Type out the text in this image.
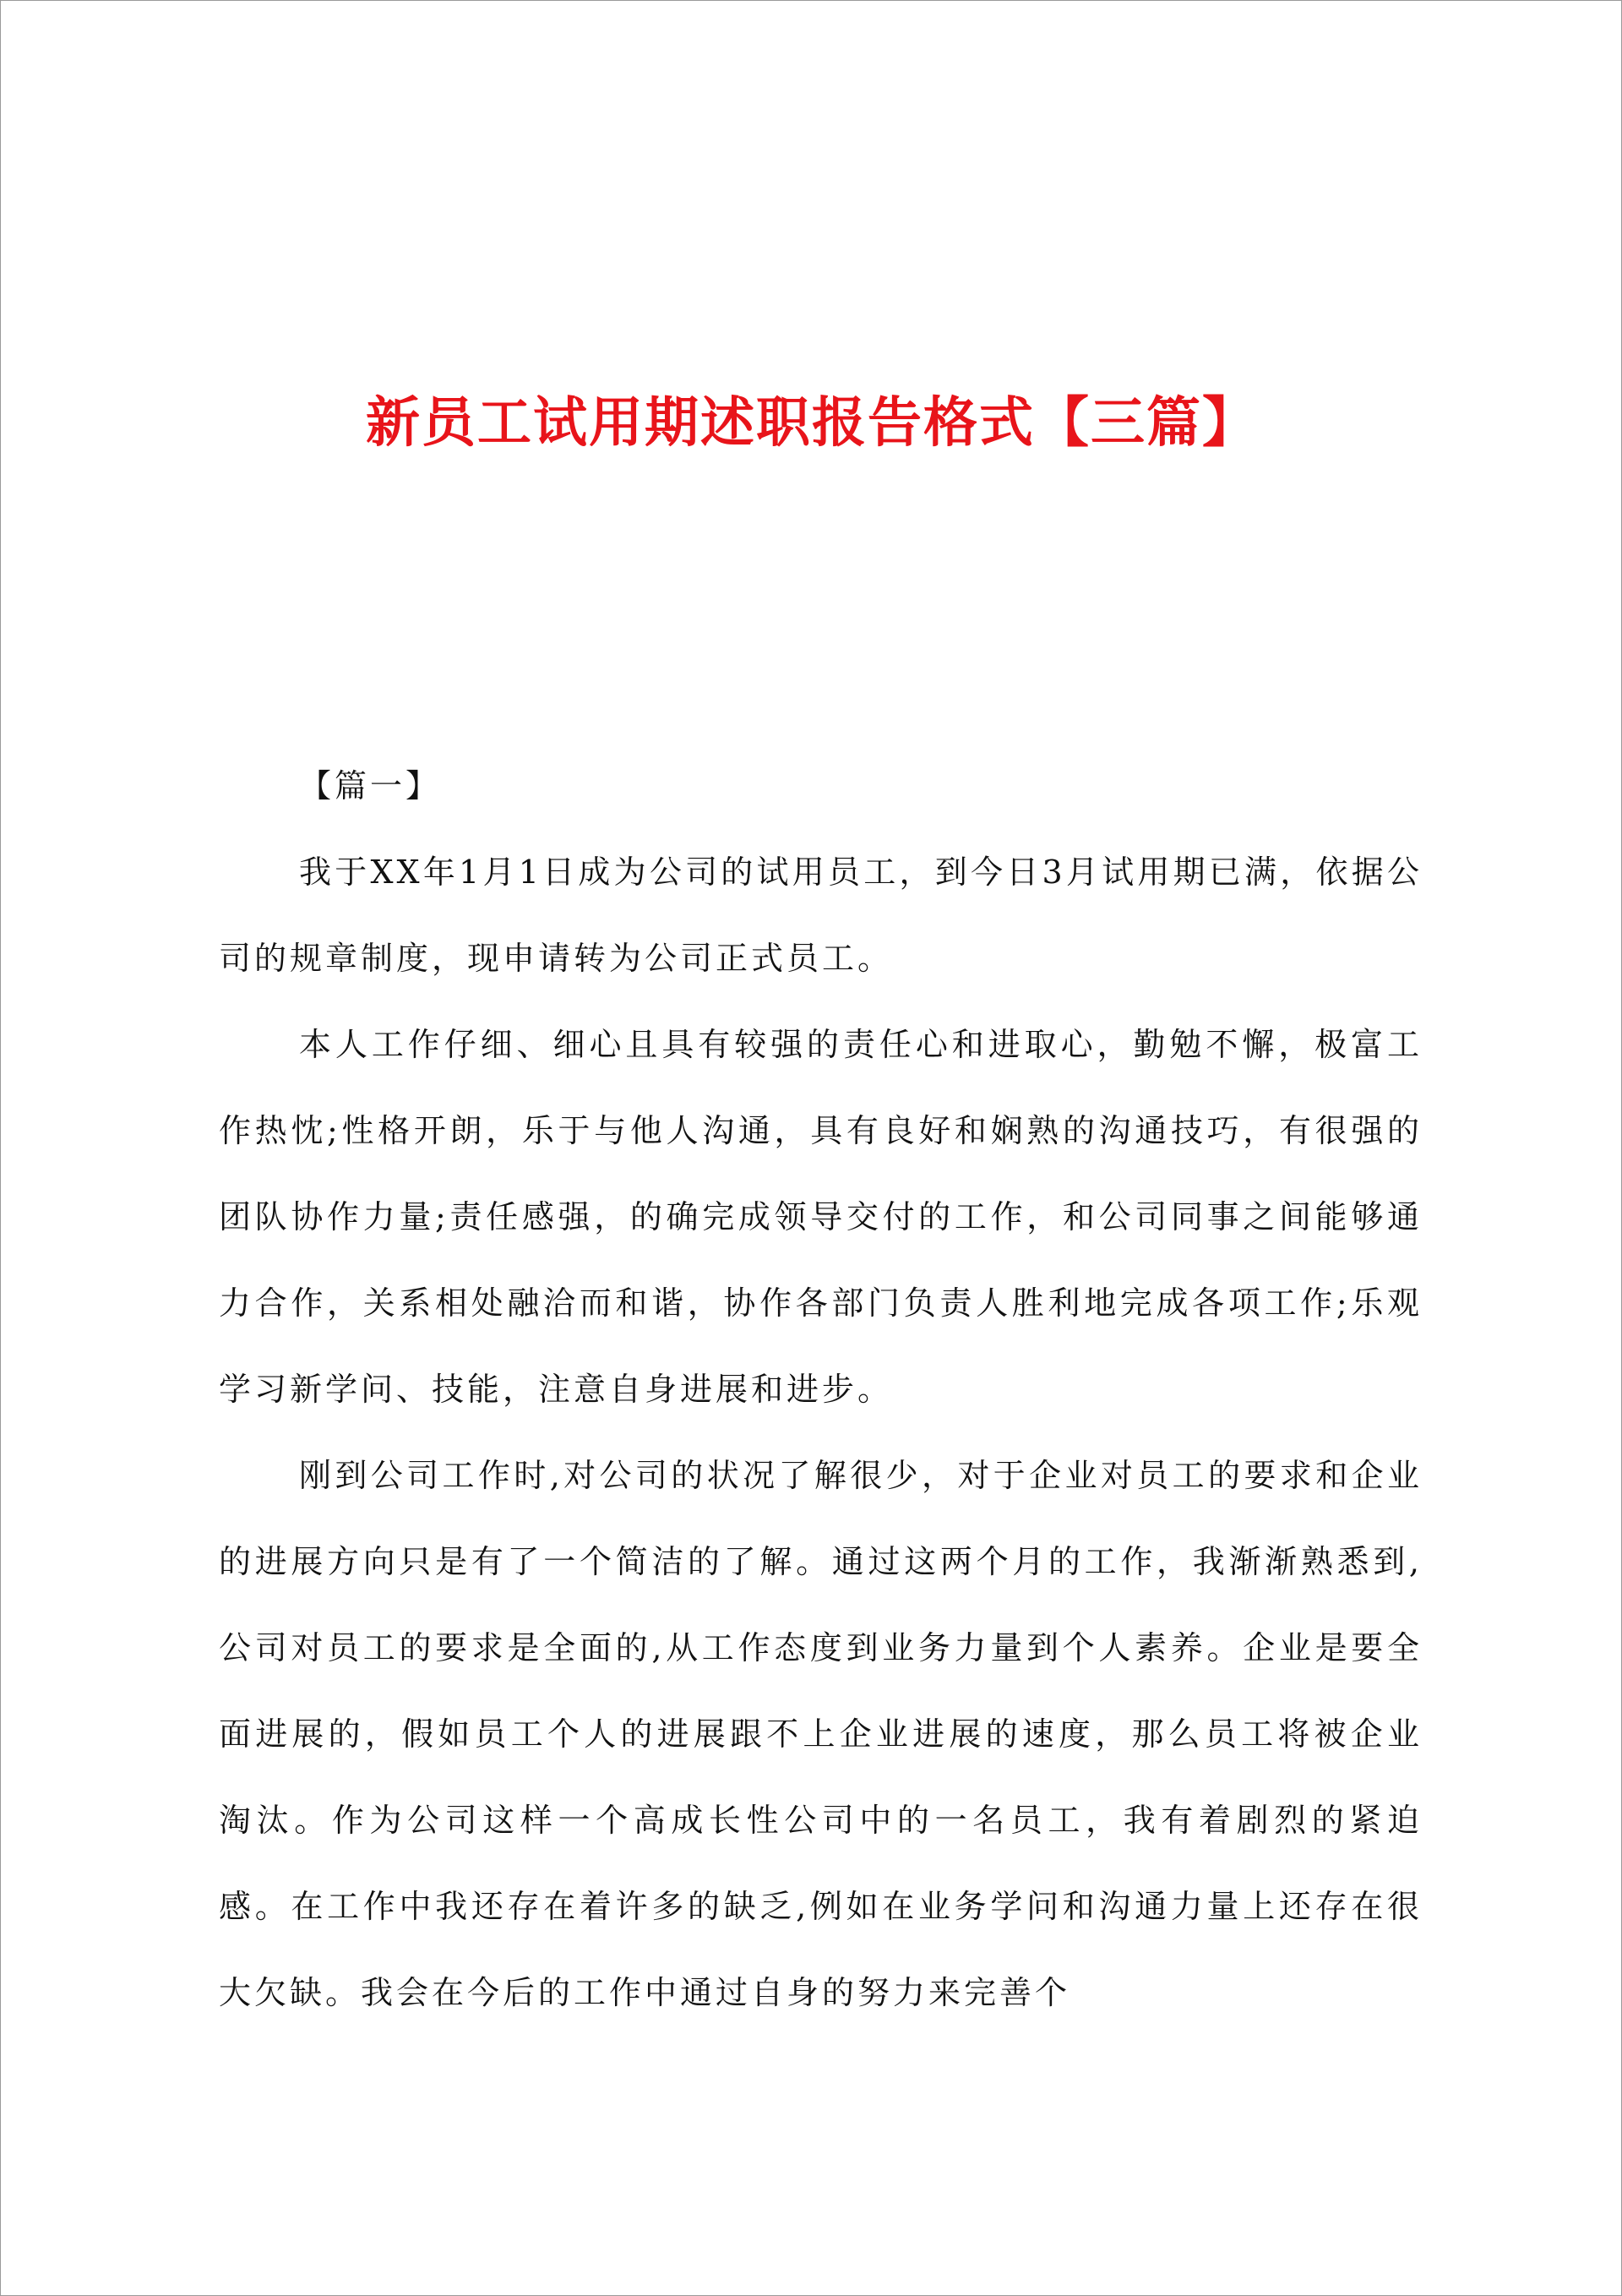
新员工试用期述职报告格式【三篇】

【篇一】

我于XX年1月1日成为公司的试用员工，到今日3月试用期已满，依据公司的规章制度，现申请转为公司正式员工。

本人工作仔细、细心且具有较强的责任心和进取心，勤勉不懈，极富工作热忱;性格开朗，乐于与他人沟通，具有良好和娴熟的沟通技巧，有很强的团队协作力量;责任感强，的确完成领导交付的工作，和公司同事之间能够通力合作，关系相处融洽而和谐，协作各部门负责人胜利地完成各项工作;乐观学习新学问、技能，注意自身进展和进步。

刚到公司工作时,对公司的状况了解很少，对于企业对员工的要求和企业的进展方向只是有了一个简洁的了解。通过这两个月的工作，我渐渐熟悉到,公司对员工的要求是全面的,从工作态度到业务力量到个人素养。企业是要全面进展的，假如员工个人的进展跟不上企业进展的速度，那么员工将被企业淘汰。作为公司这样一个高成长性公司中的一名员工，我有着剧烈的紧迫感。在工作中我还存在着许多的缺乏,例如在业务学问和沟通力量上还存在很大欠缺。我会在今后的工作中通过自身的努力来完善个
